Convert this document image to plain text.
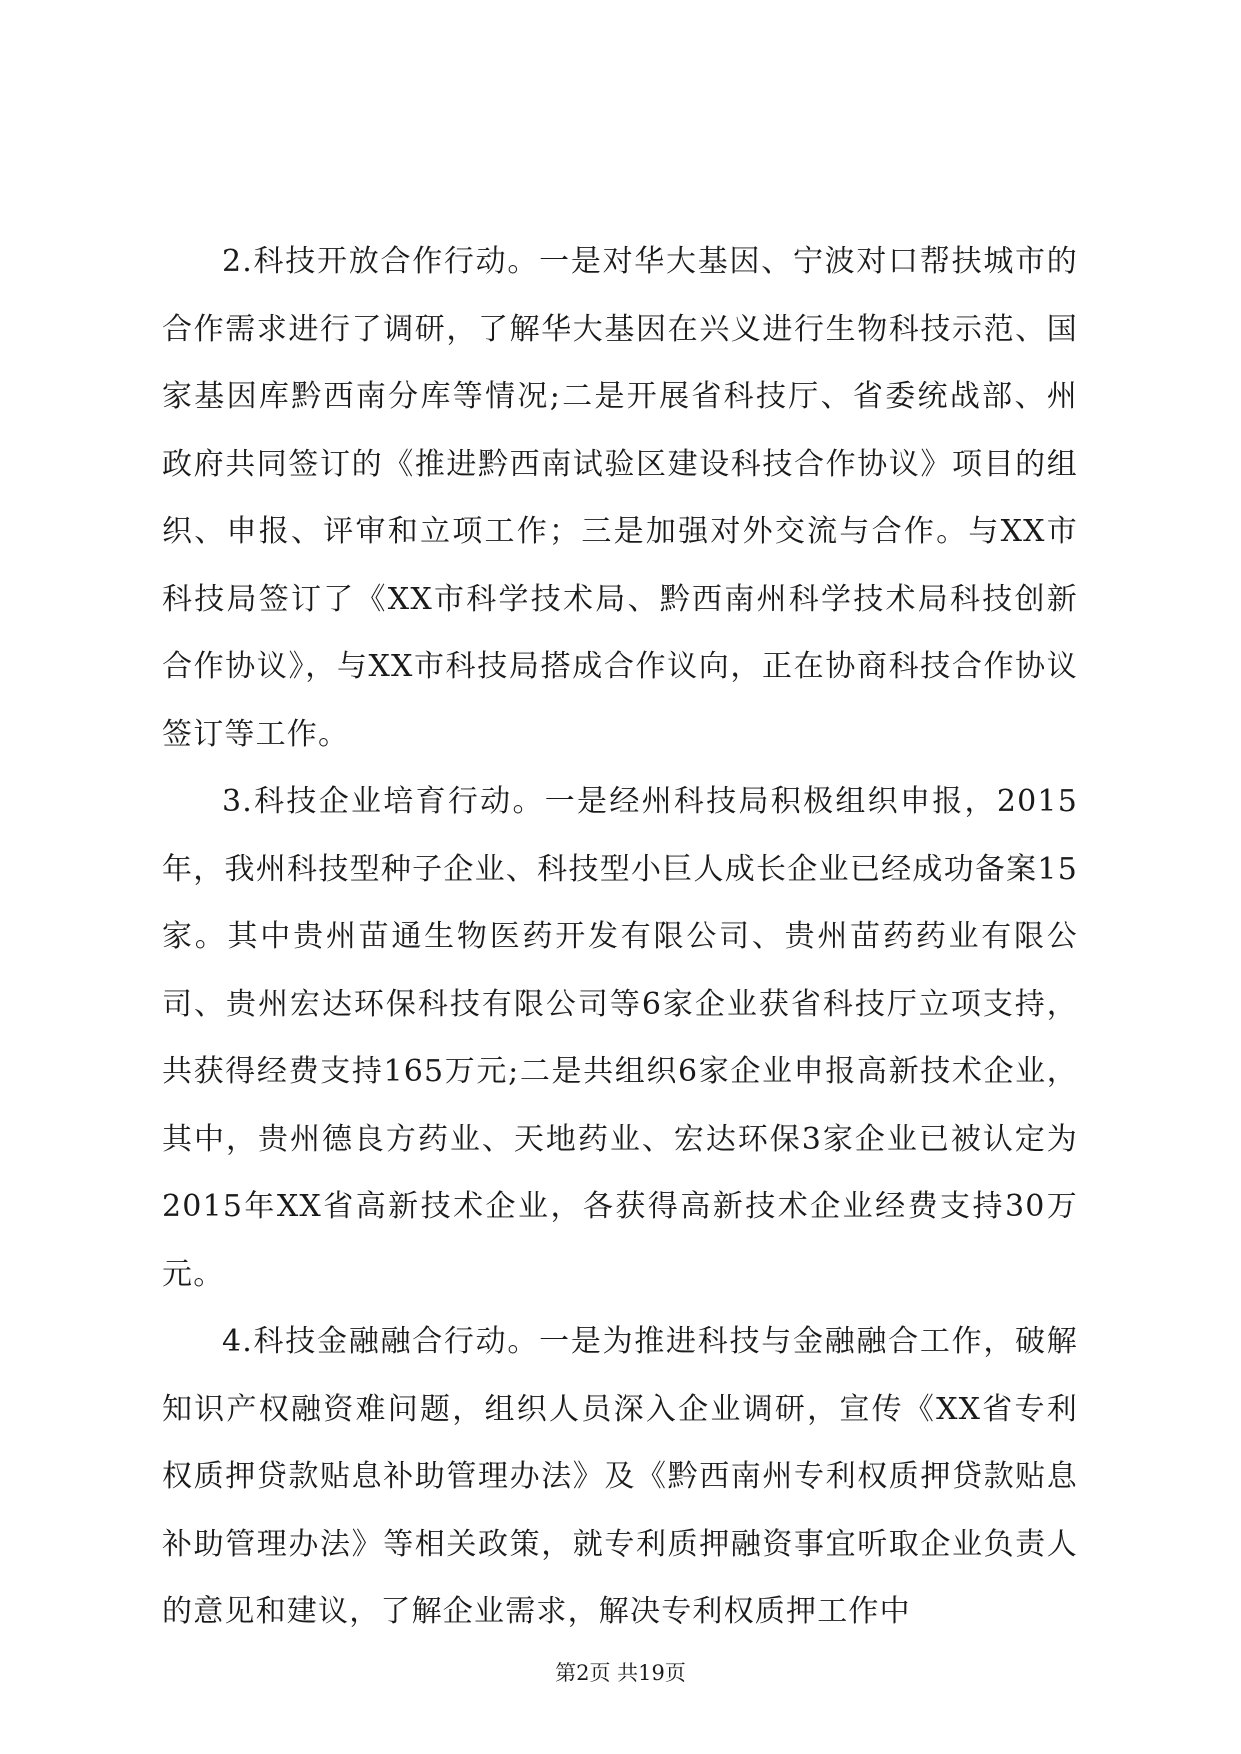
2.科技开放合作行动。一是对华大基因、宁波对口帮扶城市的合作需求进行了调研，了解华大基因在兴义进行生物科技示范、国家基因库黔西南分库等情况;二是开展省科技厅、省委统战部、州政府共同签订的《推进黔西南试验区建设科技合作协议》项目的组织、申报、评审和立项工作；三是加强对外交流与合作。与XX市科技局签订了《XX市科学技术局、黔西南州科学技术局科技创新合作协议》，与XX市科技局搭成合作议向，正在协商科技合作协议签订等工作。

3.科技企业培育行动。一是经州科技局积极组织申报，2015年，我州科技型种子企业、科技型小巨人成长企业已经成功备案15家。其中贵州苗通生物医药开发有限公司、贵州苗药药业有限公司、贵州宏达环保科技有限公司等6家企业获省科技厅立项支持，共获得经费支持165万元;二是共组织6家企业申报高新技术企业，其中，贵州德良方药业、天地药业、宏达环保3家企业已被认定为2015年XX省高新技术企业，各获得高新技术企业经费支持30万元。

4.科技金融融合行动。一是为推进科技与金融融合工作，破解知识产权融资难问题，组织人员深入企业调研，宣传《XX省专利权质押贷款贴息补助管理办法》及《黔西南州专利权质押贷款贴息补助管理办法》等相关政策，就专利质押融资事宜听取企业负责人的意见和建议，了解企业需求，解决专利权质押工作中

第2页 共19页
